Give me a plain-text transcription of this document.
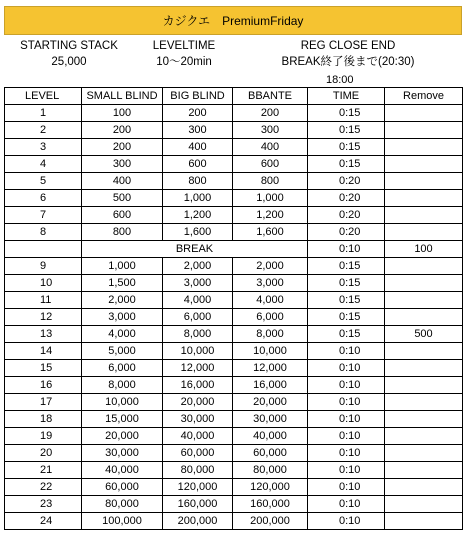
カジクエ　PremiumFriday
STARTING STACK	LEVELTIME	REG CLOSE END
25,000	10〜20min	BREAK終了後まで(20:30)
18:00
LEVEL	SMALL BLIND	BIG BLIND	BBANTE	TIME	Remove
1	100	200	200	0:15	
2	200	300	300	0:15	
3	200	400	400	0:15	
4	300	600	600	0:15	
5	400	800	800	0:20	
6	500	1,000	1,000	0:20	
7	600	1,200	1,200	0:20	
8	800	1,600	1,600	0:20	
	BREAK			0:10	100
9	1,000	2,000	2,000	0:15	
10	1,500	3,000	3,000	0:15	
11	2,000	4,000	4,000	0:15	
12	3,000	6,000	6,000	0:15	
13	4,000	8,000	8,000	0:15	500
14	5,000	10,000	10,000	0:10	
15	6,000	12,000	12,000	0:10	
16	8,000	16,000	16,000	0:10	
17	10,000	20,000	20,000	0:10	
18	15,000	30,000	30,000	0:10	
19	20,000	40,000	40,000	0:10	
20	30,000	60,000	60,000	0:10	
21	40,000	80,000	80,000	0:10	
22	60,000	120,000	120,000	0:10	
23	80,000	160,000	160,000	0:10	
24	100,000	200,000	200,000	0:10	
